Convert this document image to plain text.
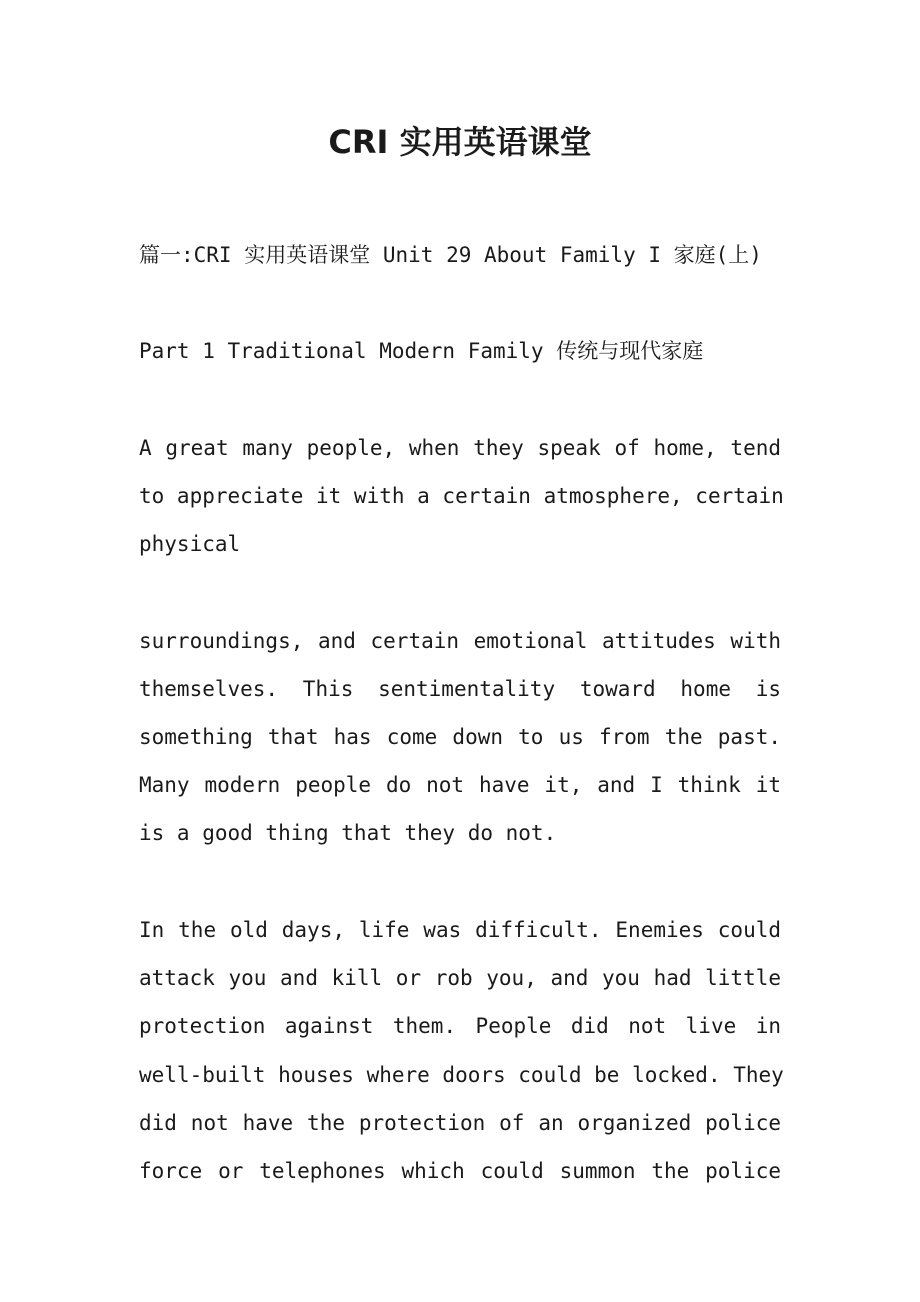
CRI 实用英语课堂

篇一:CRI 实用英语课堂 Unit 29 About Family I 家庭(上)

Part 1 Traditional Modern Family 传统与现代家庭

A great many people, when they speak of home, tend

to appreciate it with a certain atmosphere, certain

physical

surroundings, and certain emotional attitudes with

themselves. This sentimentality toward home is

something that has come down to us from the past.

Many modern people do not have it, and I think it

is a good thing that they do not.

In the old days, life was difficult. Enemies could

attack you and kill or rob you, and you had little

protection against them. People did not live in

well-built houses where doors could be locked. They

did not have the protection of an organized police

force or telephones which could summon the police
